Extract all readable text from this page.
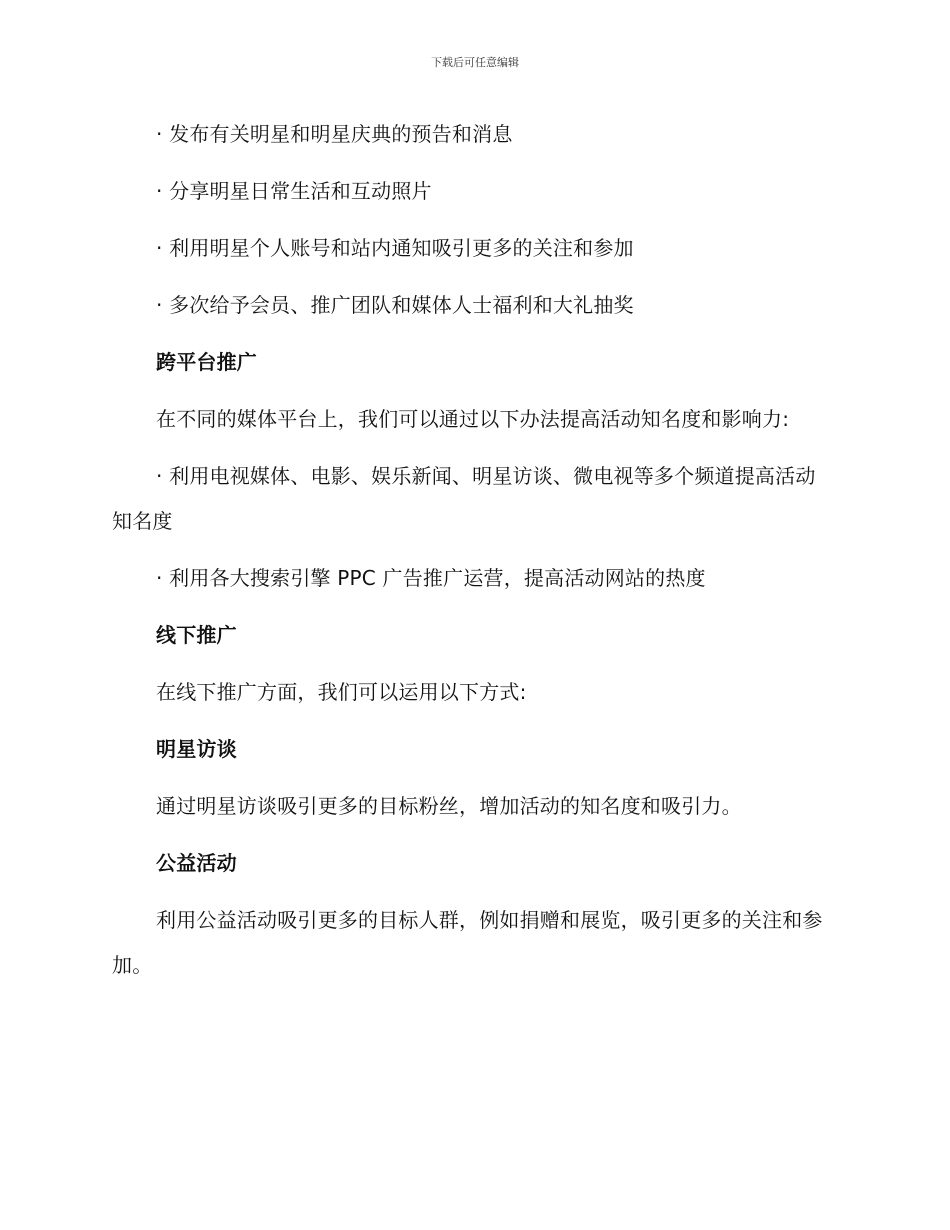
下载后可任意编辑

· 发布有关明星和明星庆典的预告和消息

· 分享明星日常生活和互动照片

· 利用明星个人账号和站内通知吸引更多的关注和参加

· 多次给予会员、推广团队和媒体人士福利和大礼抽奖

跨平台推广

在不同的媒体平台上，我们可以通过以下办法提高活动知名度和影响力:

· 利用电视媒体、电影、娱乐新闻、明星访谈、微电视等多个频道提高活动知名度

· 利用各大搜索引擎 PPC 广告推广运营，提高活动网站的热度

线下推广

在线下推广方面，我们可以运用以下方式:

明星访谈

通过明星访谈吸引更多的目标粉丝，增加活动的知名度和吸引力。

公益活动

利用公益活动吸引更多的目标人群，例如捐赠和展览，吸引更多的关注和参加。
